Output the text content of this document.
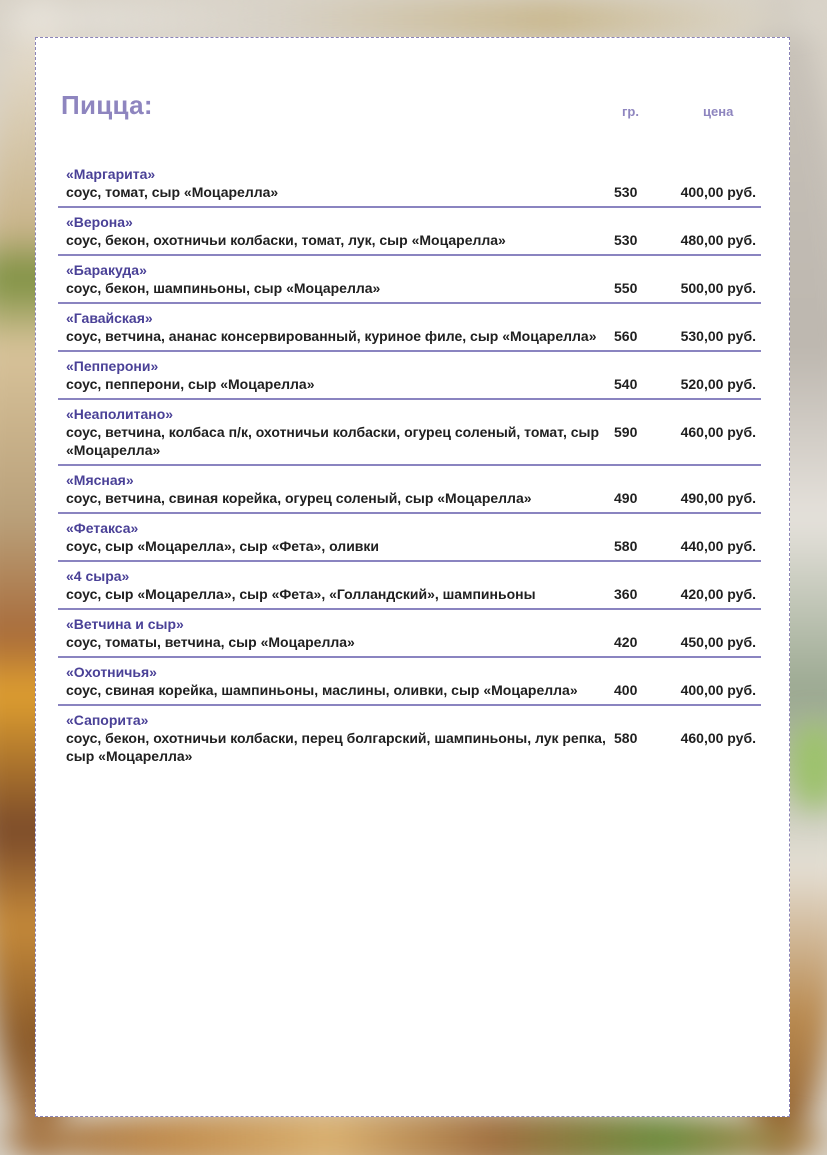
Пицца:	гр.	цена
«Маргарита»
соус, томат, сыр «Моцарелла»	530	400,00 руб.
«Верона»
соус, бекон, охотничьи колбаски, томат, лук, сыр «Моцарелла»	530	480,00 руб.
«Баракуда»
соус, бекон, шампиньоны, сыр «Моцарелла»	550	500,00 руб.
«Гавайская»
соус, ветчина, ананас консервированный, куриное филе, сыр «Моцарелла»	560	530,00 руб.
«Пепперони»
соус, пепперони, сыр «Моцарелла»	540	520,00 руб.
«Неаполитано»
соус, ветчина, колбаса п/к, охотничьи колбаски, огурец соленый, томат, сыр «Моцарелла»
590	460,00 руб.
«Мясная»
соус, ветчина, свиная корейка, огурец соленый, сыр «Моцарелла»	490	490,00 руб.
«Фетакса»
соус, сыр «Моцарелла», сыр «Фета», оливки	580	440,00 руб.
«4 сыра»
соус, сыр «Моцарелла», сыр «Фета», «Голландский», шампиньоны	360	420,00 руб.
«Ветчина и сыр»
соус, томаты, ветчина, сыр «Моцарелла»	420	450,00 руб.
«Охотничья»
соус, свиная корейка, шампиньоны, маслины, оливки, сыр «Моцарелла»	400	400,00 руб.
«Сапорита»
соус, бекон, охотничьи колбаски, перец болгарский, шампиньоны, лук репка, сыр «Моцарелла»
580	460,00 руб.
